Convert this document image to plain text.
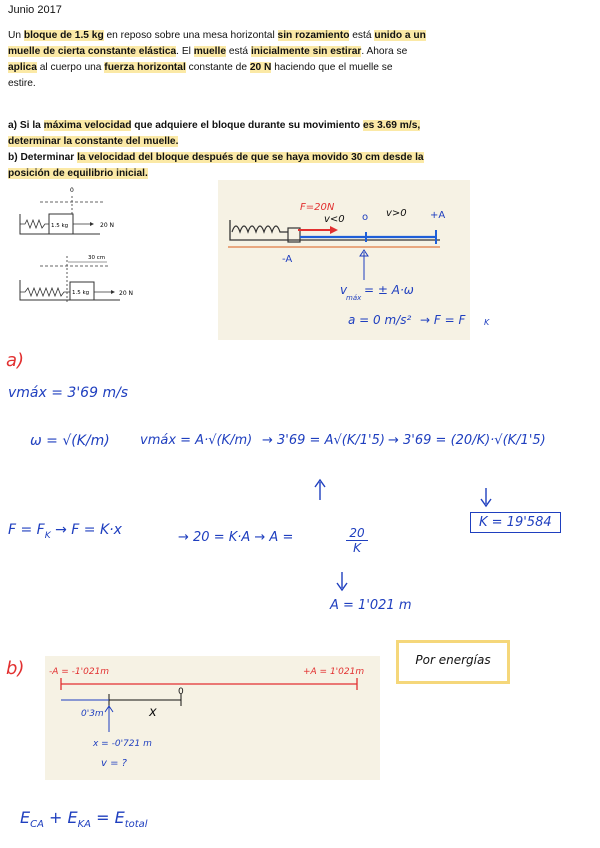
Junio 2017
Un bloque de 1.5 kg en reposo sobre una mesa horizontal sin rozamiento está unido a un
muelle de cierta constante elástica. El muelle está inicialmente sin estirar. Ahora se
aplica al cuerpo una fuerza horizontal constante de 20 N haciendo que el muelle se
estire.
a) Si la máxima velocidad que adquiere el bloque durante su movimiento es 3.69 m/s,
determinar la constante del muelle.
b) Determinar la velocidad del bloque después de que se haya movido 30 cm desde la
posición de equilibrio inicial.
0
1.5 kg	20 N
30 cm
1.5 kg	20 N
F=20N
v<0 o v>0 +A
-A
v
máx
= ± A·ω
a = 0 m/s² → F = F K
a)
vmáx = 3'69 m/s
ω = √(K/m) vmáx = A·√(K/m) → 3'69 = A√(K/1'5) → 3'69 = (20/K)·√(K/1'5)
K = 19'584
$F = F_K \to F = K\cdot x$	→ 20 = K·A → A =	20
K
A = 1'021 m
b)	-A = -1'021m	+A = 1'021m
0
0'3m	x
x = -0'721 m
v = ?
Por energías
$E_{CA} + E_{KA} = E_{total}$
